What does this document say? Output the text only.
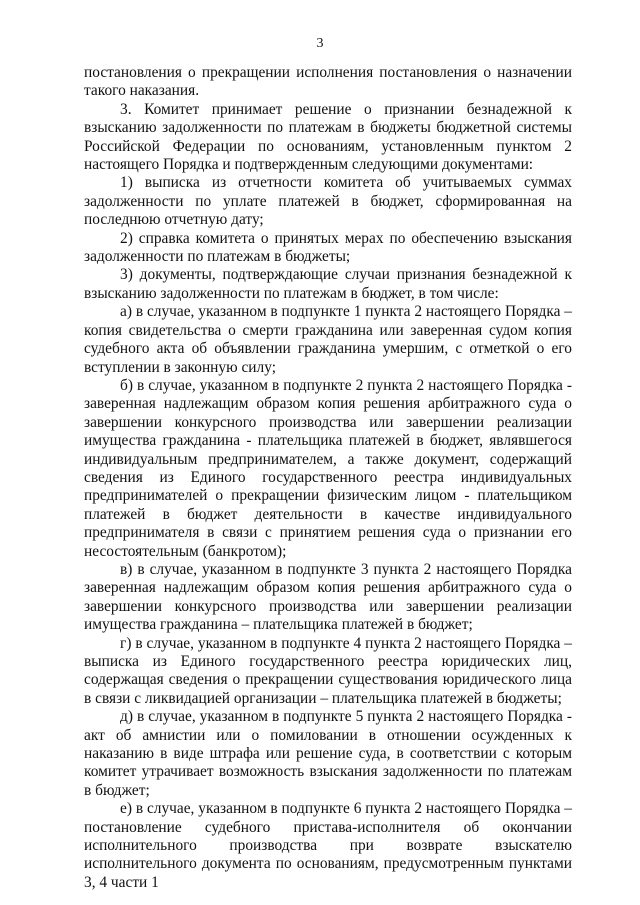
3

постановления о прекращении исполнения постановления о назначении такого наказания.

3. Комитет принимает решение о признании безнадежной к взысканию задолженности по платежам в бюджеты бюджетной системы Российской Федерации по основаниям, установленным пунктом 2 настоящего Порядка и подтвержденным следующими документами:

1) выписка из отчетности комитета об учитываемых суммах задолженности по уплате платежей в бюджет, сформированная на последнюю отчетную дату;

2) справка комитета о принятых мерах по обеспечению взыскания задолженности по платежам в бюджеты;

3) документы, подтверждающие случаи признания безнадежной к взысканию задолженности по платежам в бюджет, в том числе:

а) в случае, указанном в подпункте 1 пункта 2 настоящего Порядка – копия свидетельства о смерти гражданина или заверенная судом копия судебного акта об объявлении гражданина умершим, с отметкой о его вступлении в законную силу;

б) в случае, указанном в подпункте 2 пункта 2 настоящего Порядка - заверенная надлежащим образом копия решения арбитражного суда о завершении конкурсного производства или завершении реализации имущества гражданина - плательщика платежей в бюджет, являвшегося индивидуальным предпринимателем, а также документ, содержащий сведения из Единого государственного реестра индивидуальных предпринимателей о прекращении физическим лицом - плательщиком платежей в бюджет деятельности в качестве индивидуального предпринимателя в связи с принятием решения суда о признании его несостоятельным (банкротом);

в) в случае, указанном в подпункте 3 пункта 2 настоящего Порядка заверенная надлежащим образом копия решения арбитражного суда о завершении конкурсного производства или завершении реализации имущества гражданина – плательщика платежей в бюджет;

г) в случае, указанном в подпункте 4 пункта 2 настоящего Порядка – выписка из Единого государственного реестра юридических лиц, содержащая сведения о прекращении существования юридического лица в связи с ликвидацией организации – плательщика платежей в бюджеты;

д) в случае, указанном в подпункте 5 пункта 2 настоящего Порядка - акт об амнистии или о помиловании в отношении осужденных к наказанию в виде штрафа или решение суда, в соответствии с которым комитет утрачивает возможность взыскания задолженности по платежам в бюджет;

е) в случае, указанном в подпункте 6 пункта 2 настоящего Порядка – постановление судебного пристава-исполнителя об окончании исполнительного производства при возврате взыскателю исполнительного документа по основаниям, предусмотренным пунктами 3, 4 части 1
